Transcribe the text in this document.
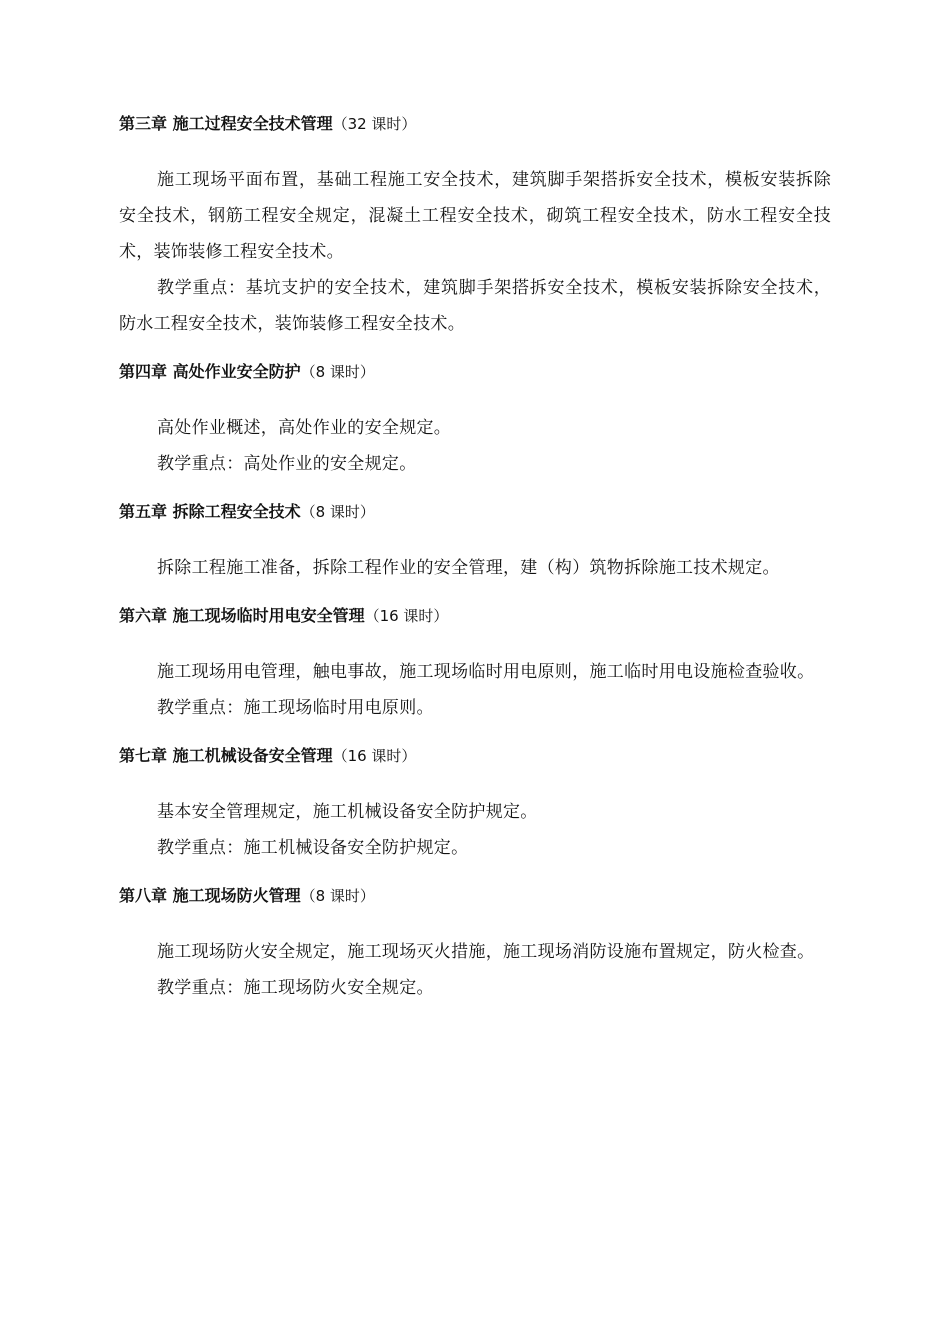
第三章 施工过程安全技术管理（32 课时）

施工现场平面布置，基础工程施工安全技术，建筑脚手架搭拆安全技术，模板安装拆除安全技术，钢筋工程安全规定，混凝土工程安全技术，砌筑工程安全技术，防水工程安全技术，装饰装修工程安全技术。

教学重点：基坑支护的安全技术，建筑脚手架搭拆安全技术，模板安装拆除安全技术，防水工程安全技术，装饰装修工程安全技术。

第四章 高处作业安全防护（8 课时）

高处作业概述，高处作业的安全规定。

教学重点：高处作业的安全规定。

第五章 拆除工程安全技术（8 课时）

拆除工程施工准备，拆除工程作业的安全管理，建（构）筑物拆除施工技术规定。

第六章 施工现场临时用电安全管理（16 课时）

施工现场用电管理，触电事故，施工现场临时用电原则，施工临时用电设施检查验收。

教学重点：施工现场临时用电原则。

第七章 施工机械设备安全管理（16 课时）

基本安全管理规定，施工机械设备安全防护规定。

教学重点：施工机械设备安全防护规定。

第八章 施工现场防火管理（8 课时）

施工现场防火安全规定，施工现场灭火措施，施工现场消防设施布置规定，防火检查。

教学重点：施工现场防火安全规定。
